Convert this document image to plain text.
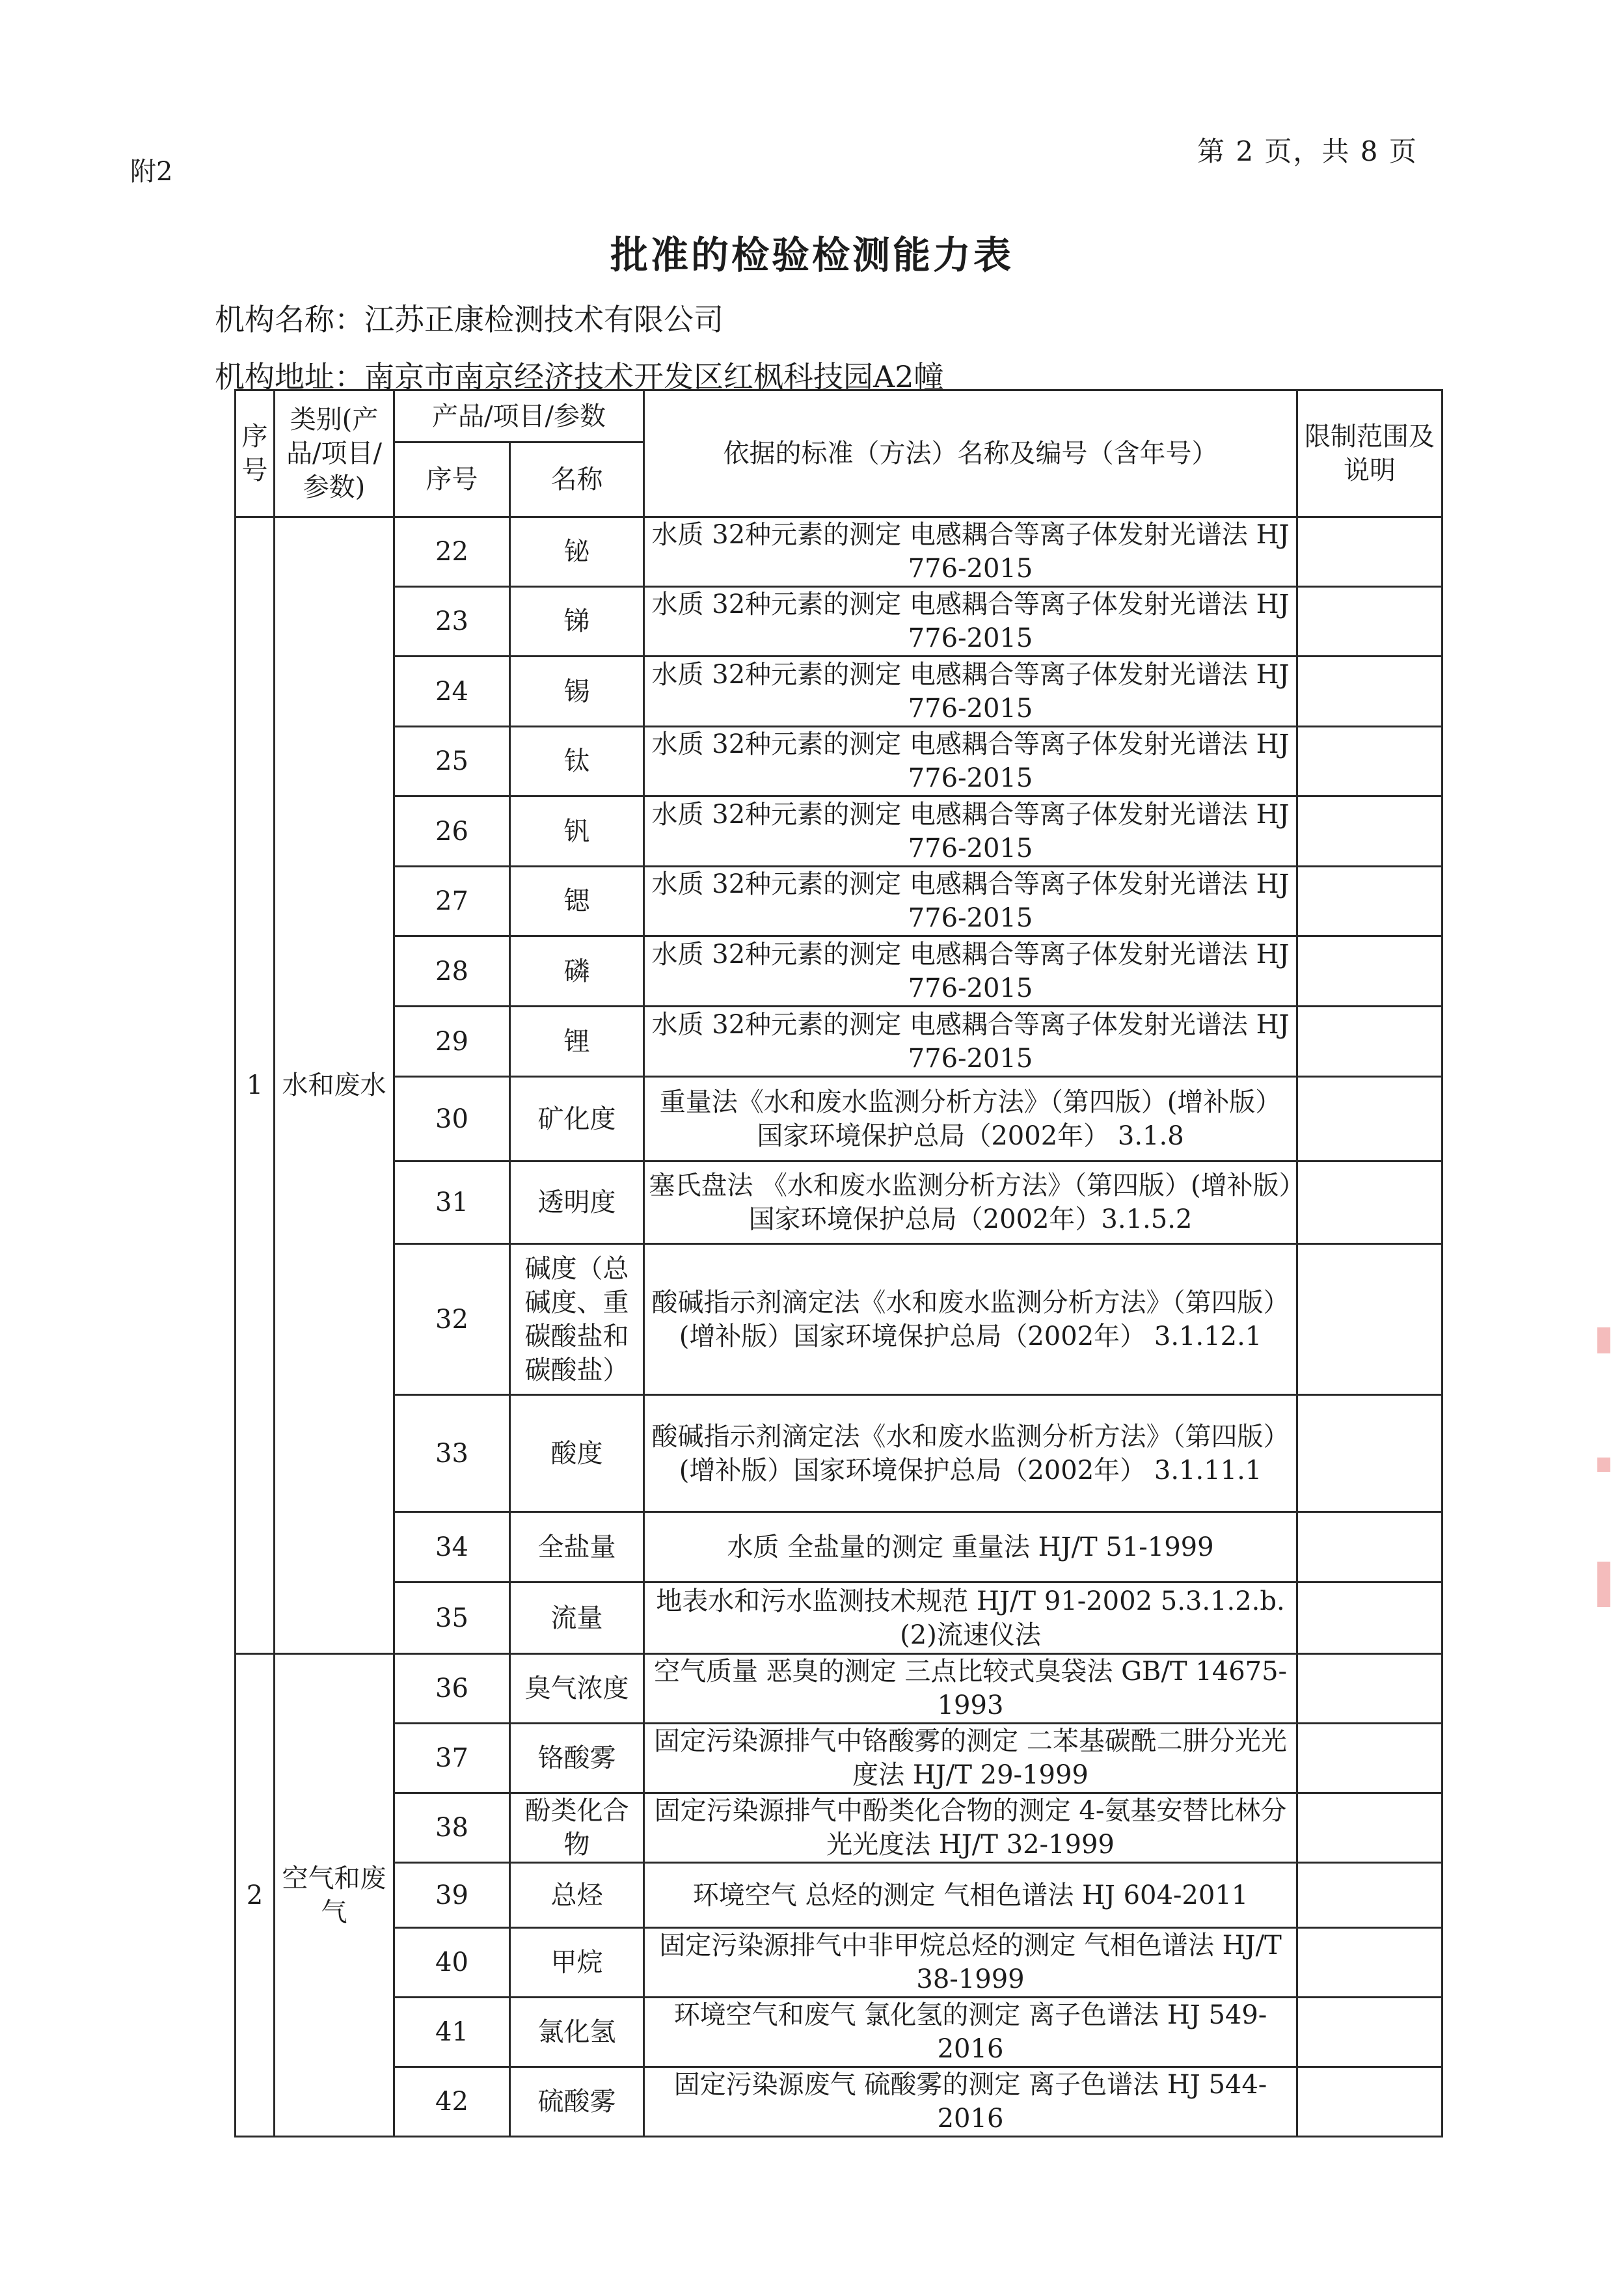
附2
第 2 页，共 8 页
批准的检验检测能力表
机构名称：江苏正康检测技术有限公司
机构地址：南京市南京经济技术开发区红枫科技园A2幢
序号	类别(产品/项目/参数)	产品/项目/参数		依据的标准（方法）名称及编号（含年号）	限制范围及说明
		序号	名称		
1	水和废水	22	铋	水质 32种元素的测定 电感耦合等离子体发射光谱法 HJ 776-2015	
		23	锑	水质 32种元素的测定 电感耦合等离子体发射光谱法 HJ 776-2015	
		24	锡	水质 32种元素的测定 电感耦合等离子体发射光谱法 HJ 776-2015	
		25	钛	水质 32种元素的测定 电感耦合等离子体发射光谱法 HJ 776-2015	
		26	钒	水质 32种元素的测定 电感耦合等离子体发射光谱法 HJ 776-2015	
		27	锶	水质 32种元素的测定 电感耦合等离子体发射光谱法 HJ 776-2015	
		28	磷	水质 32种元素的测定 电感耦合等离子体发射光谱法 HJ 776-2015	
		29	锂	水质 32种元素的测定 电感耦合等离子体发射光谱法 HJ 776-2015	
		30	矿化度	重量法《水和废水监测分析方法》（第四版）(增补版）国家环境保护总局（2002年） 3.1.8	
		31	透明度	塞氏盘法 《水和废水监测分析方法》（第四版）(增补版）国家环境保护总局（2002年）3.1.5.2	
		32	碱度（总碱度、重碳酸盐和碳酸盐）	酸碱指示剂滴定法《水和废水监测分析方法》（第四版）(增补版）国家环境保护总局（2002年） 3.1.12.1	
		33	酸度	酸碱指示剂滴定法《水和废水监测分析方法》（第四版）(增补版）国家环境保护总局（2002年） 3.1.11.1	
		34	全盐量	水质 全盐量的测定 重量法 HJ/T 51-1999	
		35	流量	地表水和污水监测技术规范 HJ/T 91-2002 5.3.1.2.b.(2)流速仪法	
2	空气和废气	36	臭气浓度	空气质量 恶臭的测定 三点比较式臭袋法 GB/T 14675-1993	
		37	铬酸雾	固定污染源排气中铬酸雾的测定 二苯基碳酰二肼分光光度法 HJ/T 29-1999	
		38	酚类化合物	固定污染源排气中酚类化合物的测定 4-氨基安替比林分光光度法 HJ/T 32-1999	
		39	总烃	环境空气 总烃的测定 气相色谱法 HJ 604-2011	
		40	甲烷	固定污染源排气中非甲烷总烃的测定 气相色谱法 HJ/T 38-1999	
		41	氯化氢	环境空气和废气 氯化氢的测定 离子色谱法 HJ 549-2016	
		42	硫酸雾	固定污染源废气 硫酸雾的测定 离子色谱法 HJ 544-2016	
